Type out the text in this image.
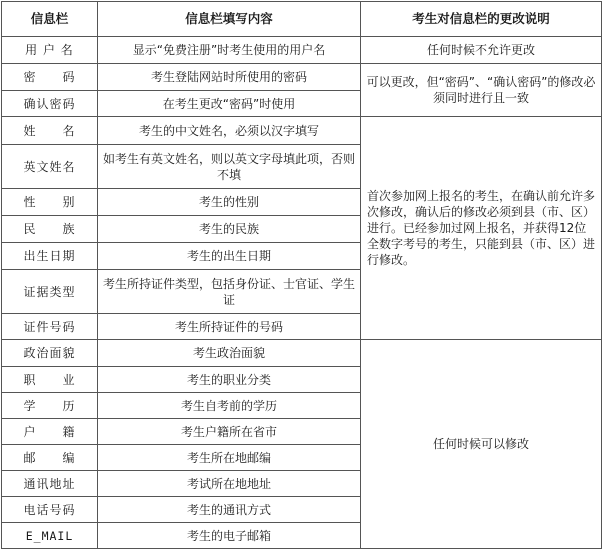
信息栏	信息栏填写内容	考生对信息栏的更改说明
用 户 名	显示“免费注册”时考生使用的用户名	任何时候不允许更改
密　　码	考生登陆网站时所使用的密码	可以更改，但“密码”、“确认密码”的修改必须同时进行且一致
确认密码	在考生更改“密码”时使用	
姓　　名	考生的中文姓名，必须以汉字填写	首次参加网上报名的考生，在确认前允许多次修改，确认后的修改必须到县（市、区）进行。已经参加过网上报名，并获得12位全数字考号的考生，只能到县（市、区）进行修改。
英文姓名	如考生有英文姓名，则以英文字母填此项，否则不填	
性　　别	考生的性别	
民　　族	考生的民族	
出生日期	考生的出生日期	
证据类型	考生所持证件类型，包括身份证、士官证、学生证	
证件号码	考生所持证件的号码	
政治面貌	考生政治面貌	任何时候可以修改
职　　业	考生的职业分类	
学　　历	考生自考前的学历	
户　　籍	考生户籍所在省市	
邮　　编	考生所在地邮编	
通讯地址	考试所在地地址	
电话号码	考生的通讯方式	
E_MAIL	考生的电子邮箱	
